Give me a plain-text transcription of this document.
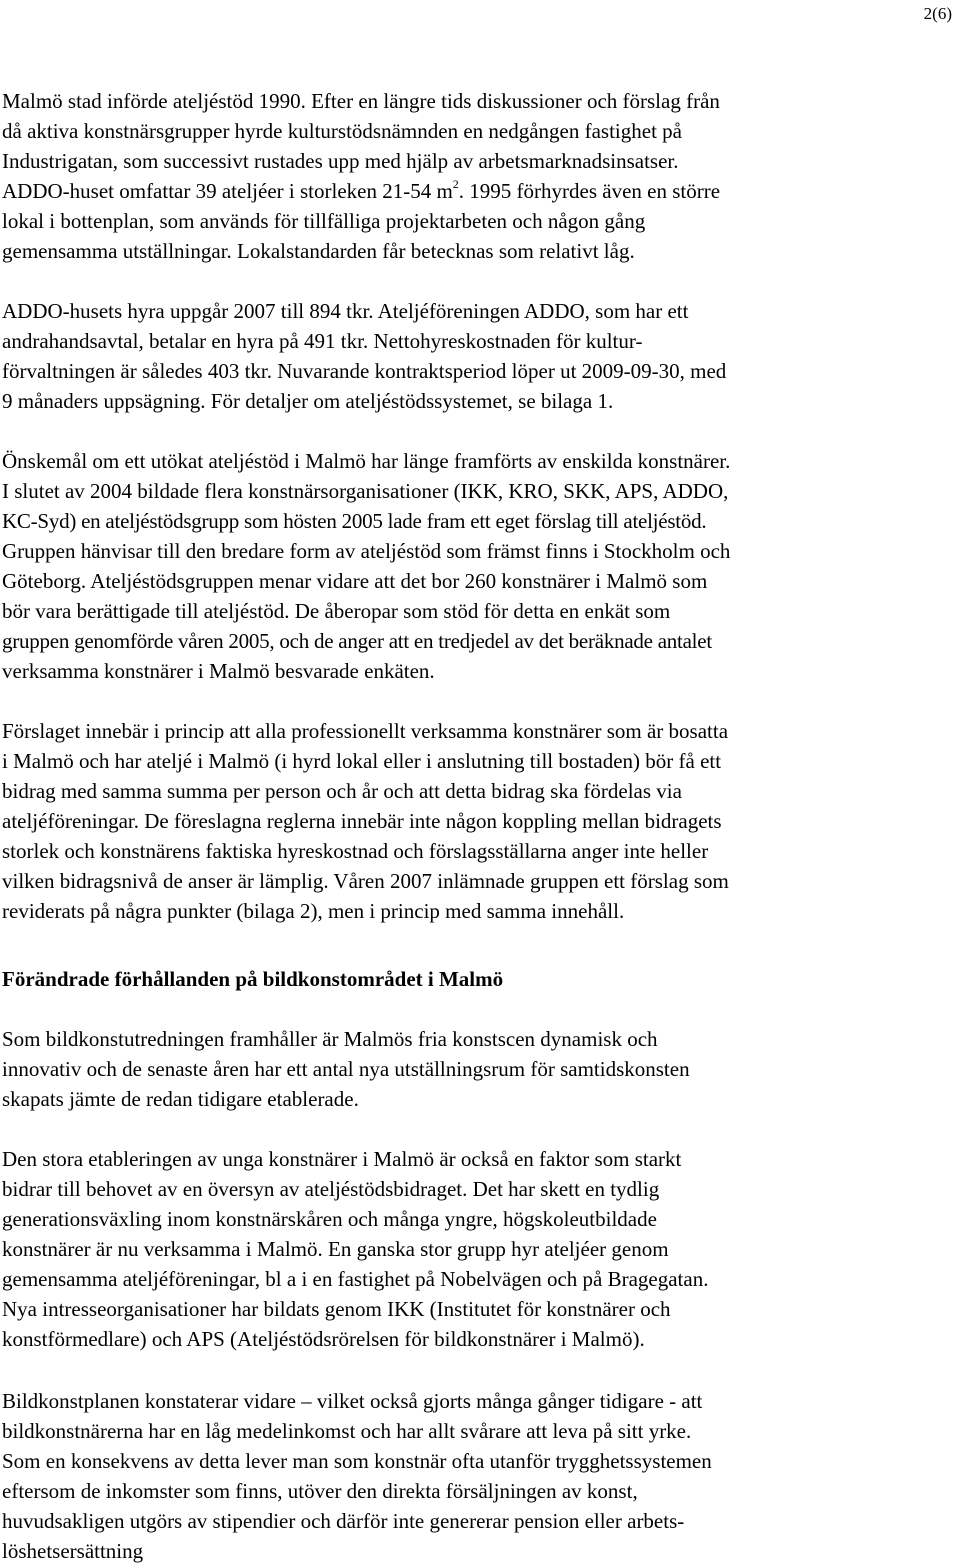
2(6)
Malmö stad införde ateljéstöd 1990. Efter en längre tids diskussioner och förslag från
då aktiva konstnärsgrupper hyrde kulturstödsnämnden en nedgången fastighet på
Industrigatan, som successivt rustades upp med hjälp av arbetsmarknadsinsatser.
ADDO-huset omfattar 39 ateljéer i storleken 21-54 $m^2$. 1995 förhyrdes även en större
lokal i bottenplan, som används för tillfälliga projektarbeten och någon gång
gemensamma utställningar. Lokalstandarden får betecknas som relativt låg.
ADDO-husets hyra uppgår 2007 till 894 tkr. Ateljéföreningen ADDO, som har ett
andrahandsavtal, betalar en hyra på 491 tkr. Nettohyreskostnaden för kultur-
förvaltningen är således 403 tkr. Nuvarande kontraktsperiod löper ut 2009-09-30, med
9 månaders uppsägning. För detaljer om ateljéstödssystemet, se bilaga 1.
Önskemål om ett utökat ateljéstöd i Malmö har länge framförts av enskilda konstnärer.
I slutet av 2004 bildade flera konstnärsorganisationer (IKK, KRO, SKK, APS, ADDO,
KC-Syd) en ateljéstödsgrupp som hösten 2005 lade fram ett eget förslag till ateljéstöd.
Gruppen hänvisar till den bredare form av ateljéstöd som främst finns i Stockholm och
Göteborg. Ateljéstödsgruppen menar vidare att det bor 260 konstnärer i Malmö som
bör vara berättigade till ateljéstöd. De åberopar som stöd för detta en enkät som
gruppen genomförde våren 2005, och de anger att en tredjedel av det beräknade antalet
verksamma konstnärer i Malmö besvarade enkäten.
Förslaget innebär i princip att alla professionellt verksamma konstnärer som är bosatta
i Malmö och har ateljé i Malmö (i hyrd lokal eller i anslutning till bostaden) bör få ett
bidrag med samma summa per person och år och att detta bidrag ska fördelas via
ateljéföreningar. De föreslagna reglerna innebär inte någon koppling mellan bidragets
storlek och konstnärens faktiska hyreskostnad och förslagsställarna anger inte heller
vilken bidragsnivå de anser är lämplig. Våren 2007 inlämnade gruppen ett förslag som
reviderats på några punkter (bilaga 2), men i princip med samma innehåll.
Förändrade förhållanden på bildkonstområdet i Malmö
Som bildkonstutredningen framhåller är Malmös fria konstscen dynamisk och
innovativ och de senaste åren har ett antal nya utställningsrum för samtidskonsten
skapats jämte de redan tidigare etablerade.
Den stora etableringen av unga konstnärer i Malmö är också en faktor som starkt
bidrar till behovet av en översyn av ateljéstödsbidraget. Det har skett en tydlig
generationsväxling inom konstnärskåren och många yngre, högskoleutbildade
konstnärer är nu verksamma i Malmö. En ganska stor grupp hyr ateljéer genom
gemensamma ateljéföreningar, bl a i en fastighet på Nobelvägen och på Bragegatan.
Nya intresseorganisationer har bildats genom IKK (Institutet för konstnärer och
konstförmedlare) och APS (Ateljéstödsrörelsen för bildkonstnärer i Malmö).
Bildkonstplanen konstaterar vidare – vilket också gjorts många gånger tidigare - att
bildkonstnärerna har en låg medelinkomst och har allt svårare att leva på sitt yrke.
Som en konsekvens av detta lever man som konstnär ofta utanför trygghetssystemen
eftersom de inkomster som finns, utöver den direkta försäljningen av konst,
huvudsakligen utgörs av stipendier och därför inte genererar pension eller arbets-
löshetsersättning
